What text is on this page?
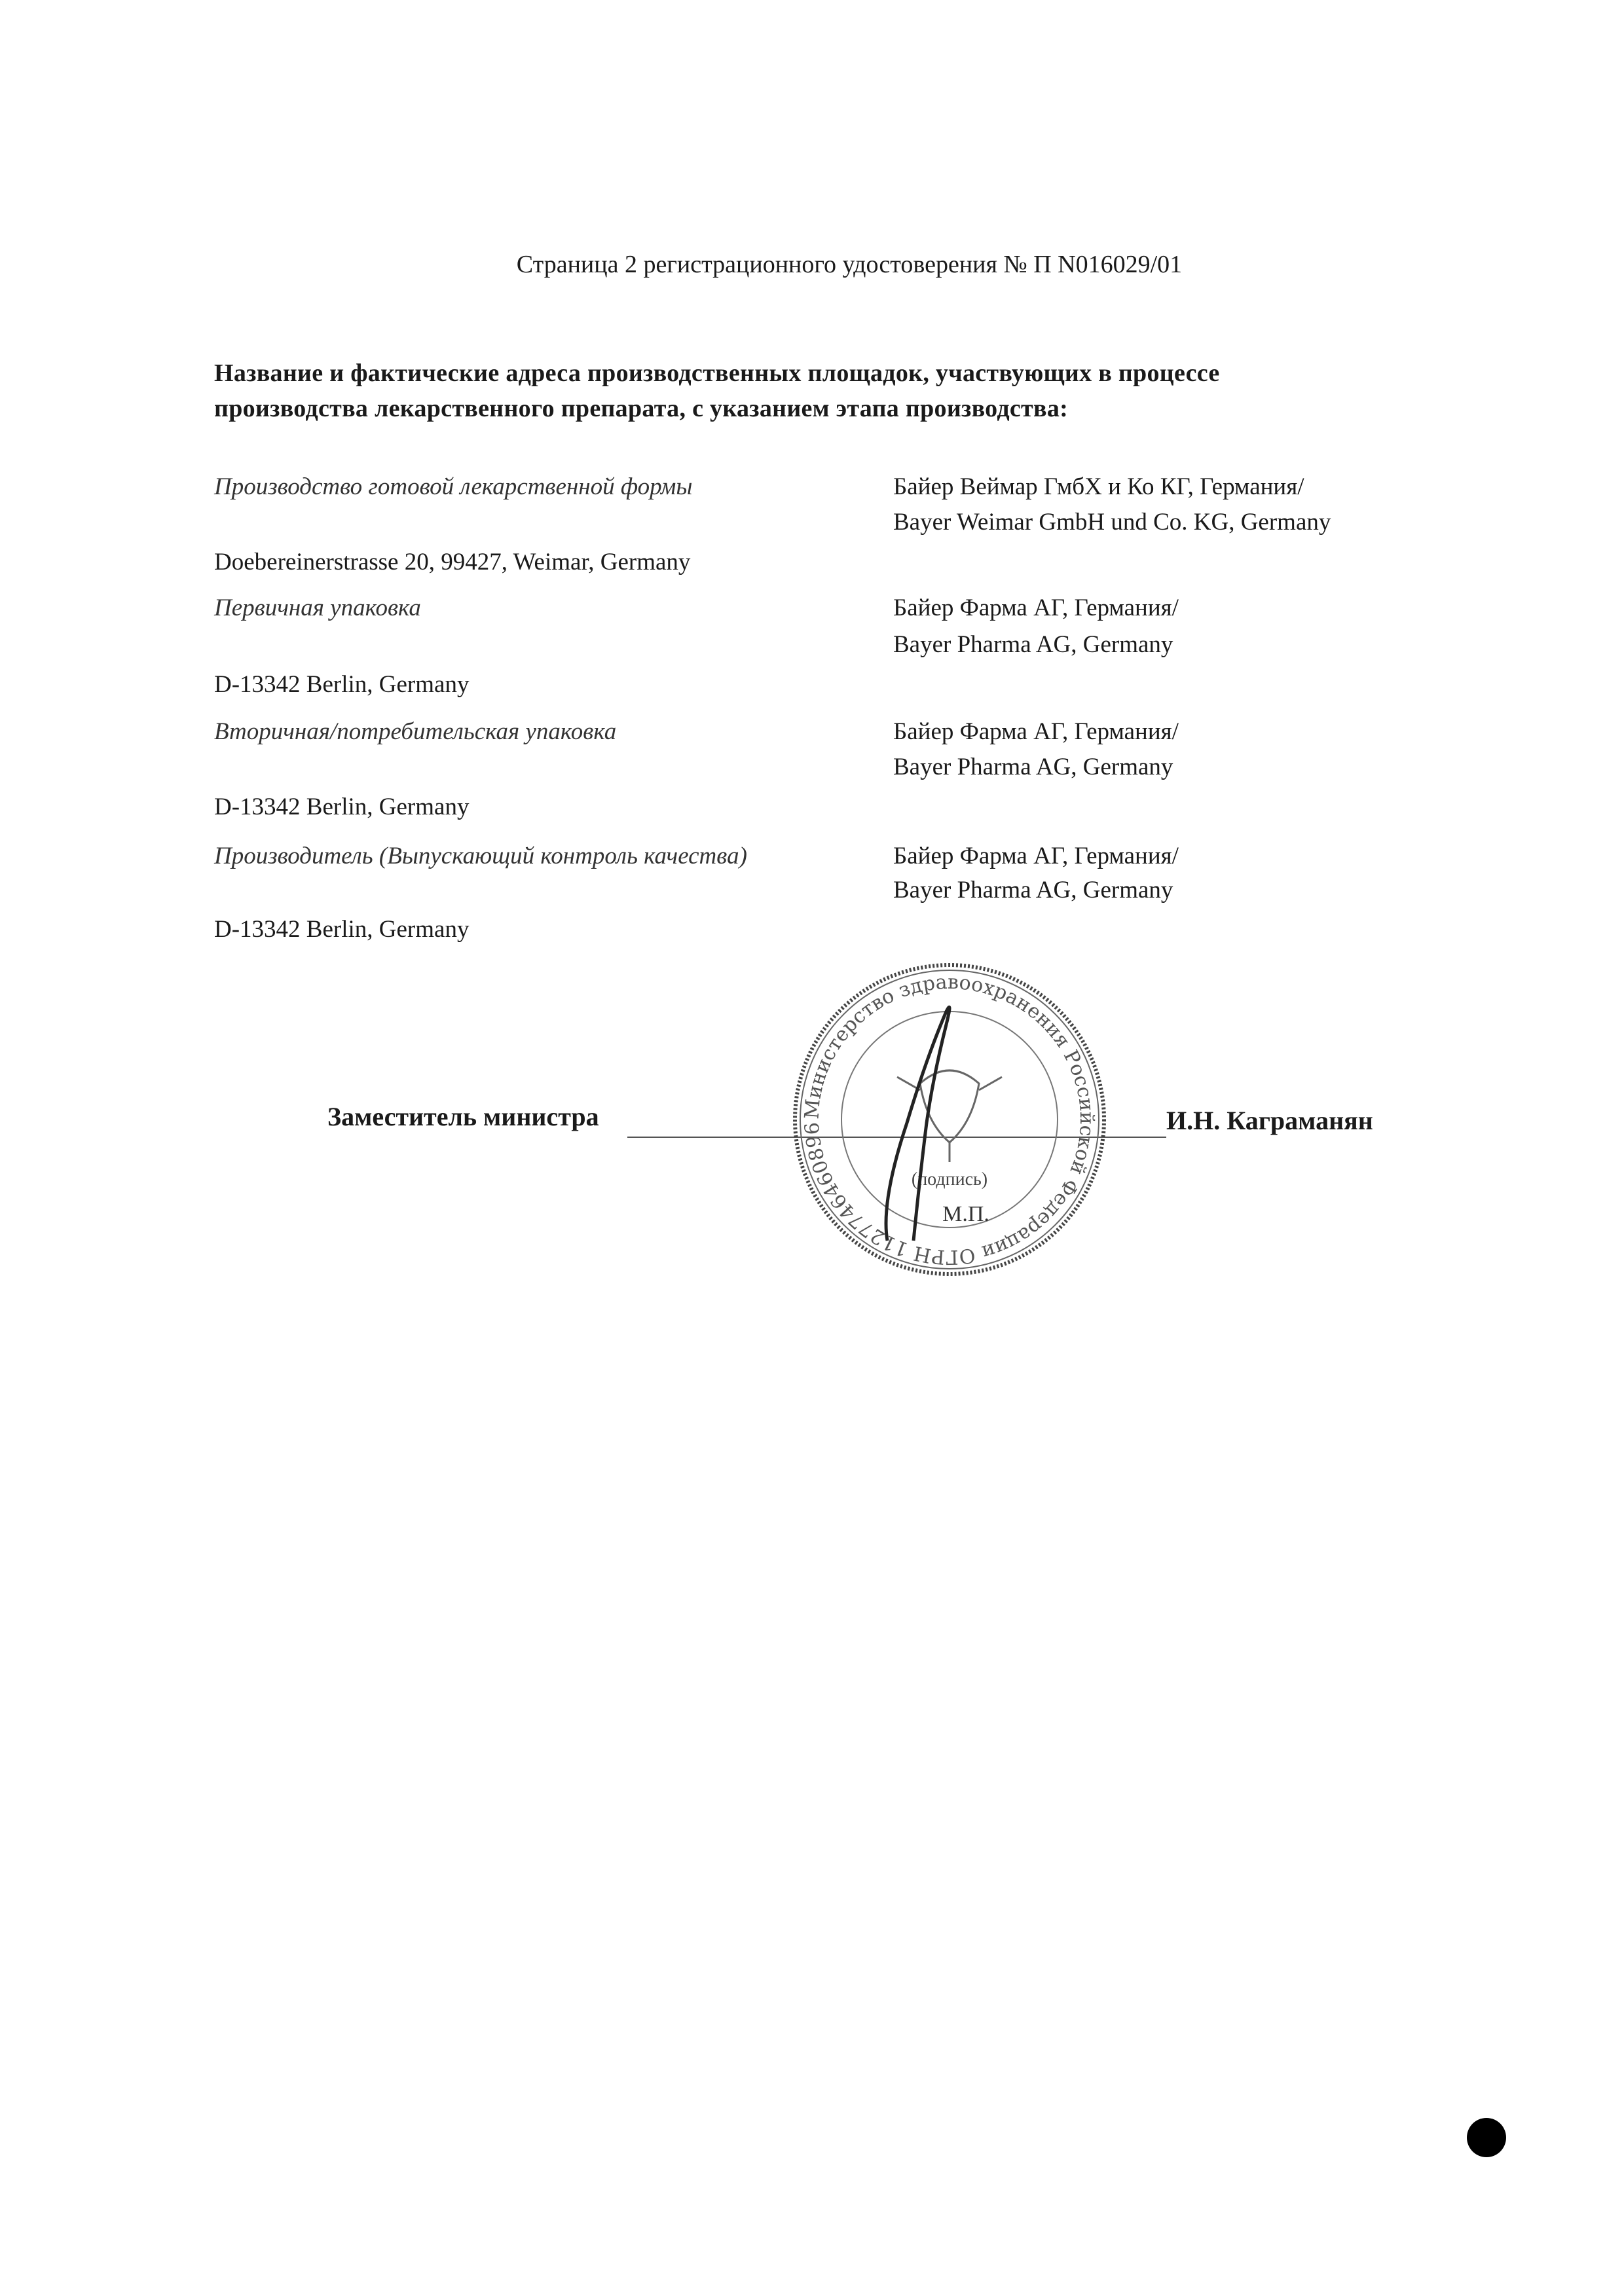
Страница 2 регистрационного удостоверения № П N016029/01
Название и фактические адреса производственных площадок, участвующих в процессе
производства лекарственного препарата, с указанием этапа производства:
Производство готовой лекарственной формы	Байер Веймар ГмбХ и Ко КГ, Германия/
Bayer Weimar GmbH und Co. KG, Germany
Doebereinerstrasse 20, 99427, Weimar, Germany
Первичная упаковка	Байер Фарма АГ, Германия/
Bayer Pharma AG, Germany
D-13342 Berlin, Germany
Вторичная/потребительская упаковка	Байер Фарма АГ, Германия/
Bayer Pharma AG, Germany
D-13342 Berlin, Germany
Производитель (Выпускающий контроль качества)	Байер Фарма АГ, Германия/
Bayer Pharma AG, Germany
D-13342 Berlin, Germany
Заместитель министра	И.Н. Каграманян
Министерство здравоохранения Российской Федерации ОГРН 1127746460896
(подпись)
М.П.
